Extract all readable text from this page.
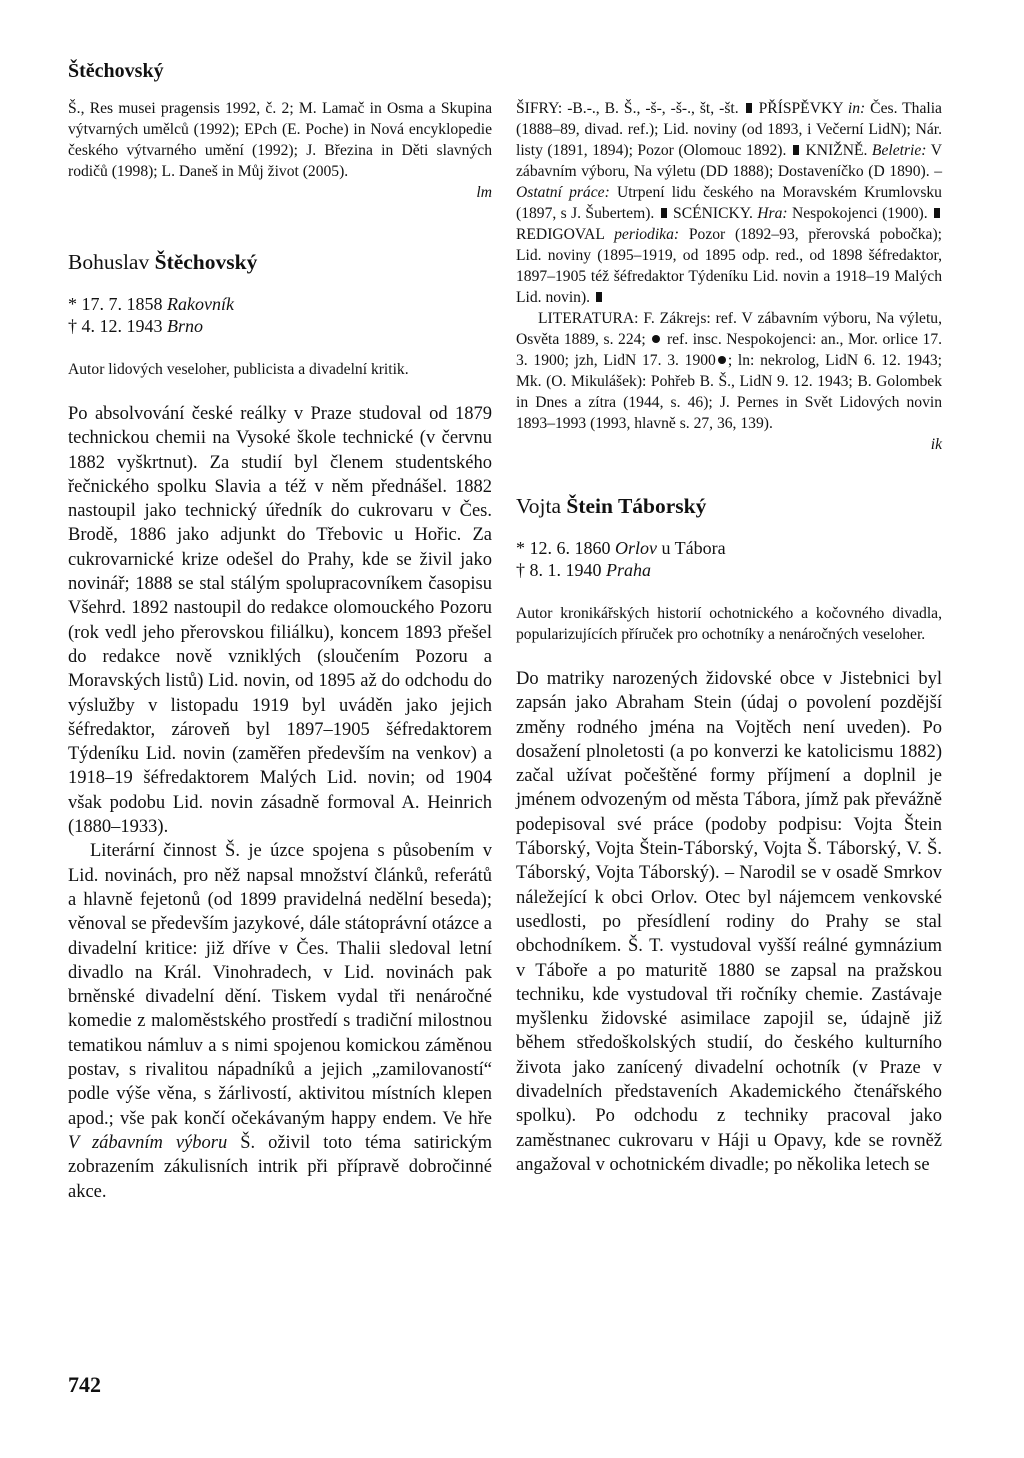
Štěchovský
Š., Res musei pragensis 1992, č. 2; M. Lamač in Osma a Skupina výtvarných umělců (1992); EPch (E. Poche) in Nová encyklopedie českého výtvarného umění (1992); J. Březina in Děti slavných rodičů (1998); L. Daneš in Můj život (2005).
lm
Bohuslav Štěchovský
* 17. 7. 1858 Rakovník
† 4. 12. 1943 Brno
Autor lidových veseloher, publicista a divadelní kritik.

Po absolvování české reálky v Praze studoval od 1879 technickou chemii na Vysoké škole technické (v červnu 1882 vyškrtnut). Za studií byl členem studentského řečnického spolku Slavia a též v něm přednášel. 1882 nastoupil jako technický úředník do cukrovaru v Čes. Brodě, 1886 jako adjunkt do Třebovic u Hořic. Za cukrovarnické krize odešel do Prahy, kde se živil jako novinář; 1888 se stal stálým spolupracovníkem časopisu Všehrd. 1892 nastoupil do redakce olomouckého Pozoru (rok vedl jeho přerovskou filiálku), koncem 1893 přešel do redakce nově vzniklých (sloučením Pozoru a Moravských listů) Lid. novin, od 1895 až do odchodu do výslužby v listopadu 1919 byl uváděn jako jejich šéfredaktor, zároveň byl 1897–1905 šéfredaktorem Týdeníku Lid. novin (zaměřen především na venkov) a 1918–19 šéfredaktorem Malých Lid. novin; od 1904 však podobu Lid. novin zásadně formoval A. Heinrich (1880–1933).

Literární činnost Š. je úzce spojena s působením v Lid. novinách, pro něž napsal množství článků, referátů a hlavně fejetonů (od 1899 pravidelná nedělní beseda); věnoval se především jazykové, dále státoprávní otázce a divadelní kritice: již dříve v Čes. Thalii sledoval letní divadlo na Král. Vinohradech, v Lid. novinách pak brněnské divadelní dění. Tiskem vydal tři nenáročné komedie z maloměstského prostředí s tradiční milostnou tematikou námluv a s nimi spojenou komickou záměnou postav, s rivalitou nápadníků a jejich „zamilovaností“ podle výše věna, s žárlivostí, aktivitou místních klepen apod.; vše pak končí očekávaným happy endem. Ve hře V zábavním výboru Š. oživil toto téma satirickým zobrazením zákulisních intrik při přípravě dobročinné akce.

ŠIFRY: -B.-., B. Š., -š-, -š-., št, -št. PŘÍSPĚVKY in: Čes. Thalia (1888–89, divad. ref.); Lid. noviny (od 1893, i Večerní LidN); Nár. listy (1891, 1894); Pozor (Olomouc 1892). KNIŽNĚ. Beletrie: V zábavním výboru, Na výletu (DD 1888); Dostaveníčko (D 1890). – Ostatní práce: Utrpení lidu českého na Moravském Krumlovsku (1897, s J. Šubertem). SCÉNICKY. Hra: Nespokojenci (1900).  REDIGOVAL periodika: Pozor (1892–93, přerovská pobočka); Lid. noviny (1895–1919, od 1895 odp. red., od 1898 šéfredaktor, 1897–1905 též šéfredaktor Týdeníku Lid. novin a 1918–19 Malých Lid. novin).
LITERATURA: F. Zákrejs: ref. V zábavním výboru, Na výletu, Osvěta 1889, s. 224; ref. insc. Nespokojenci: an., Mor. orlice 17. 3. 1900; jzh, LidN 17. 3. 1900 ; ln: nekrolog, LidN 6. 12. 1943; Mk. (O. Mikulášek): Pohřeb B. Š., LidN 9. 12. 1943; B. Golombek in Dnes a zítra (1944, s. 46); J. Pernes in Svět Lidových novin 1893–1993 (1993, hlavně s. 27, 36, 139).
ik
Vojta Štein Táborský
* 12. 6. 1860 Orlov u Tábora
† 8. 1. 1940 Praha
Autor kronikářských historií ochotnického a kočovného divadla, popularizujících příruček pro ochotníky a nenáročných veseloher.

Do matriky narozených židovské obce v Jistebnici byl zapsán jako Abraham Stein (údaj o povolení pozdější změny rodného jména na Vojtěch není uveden). Po dosažení plnoletosti (a po konverzi ke katolicismu 1882) začal užívat počeštěné formy příjmení a doplnil je jménem odvozeným od města Tábora, jímž pak převážně podepisoval své práce (podoby podpisu: Vojta Štein Táborský, Vojta Štein-Táborský, Vojta Š. Táborský, V. Š. Táborský, Vojta Táborský). – Narodil se v osadě Smrkov náležející k obci Orlov. Otec byl nájemcem venkovské usedlosti, po přesídlení rodiny do Prahy se stal obchodníkem. Š. T. vystudoval vyšší reálné gymnázium v Táboře a po maturitě 1880 se zapsal na pražskou techniku, kde vystudoval tři ročníky chemie. Zastávaje myšlenku židovské asimilace zapojil se, údajně již během středoškolských studií, do českého kulturního života jako zanícený divadelní ochotník (v Praze v divadelních představeních Akademického čtenářského spolku). Po odchodu z techniky pracoval jako zaměstnanec cukrovaru v Háji u Opavy, kde se rovněž angažoval v ochotnickém divadle; po několika letech se

742
